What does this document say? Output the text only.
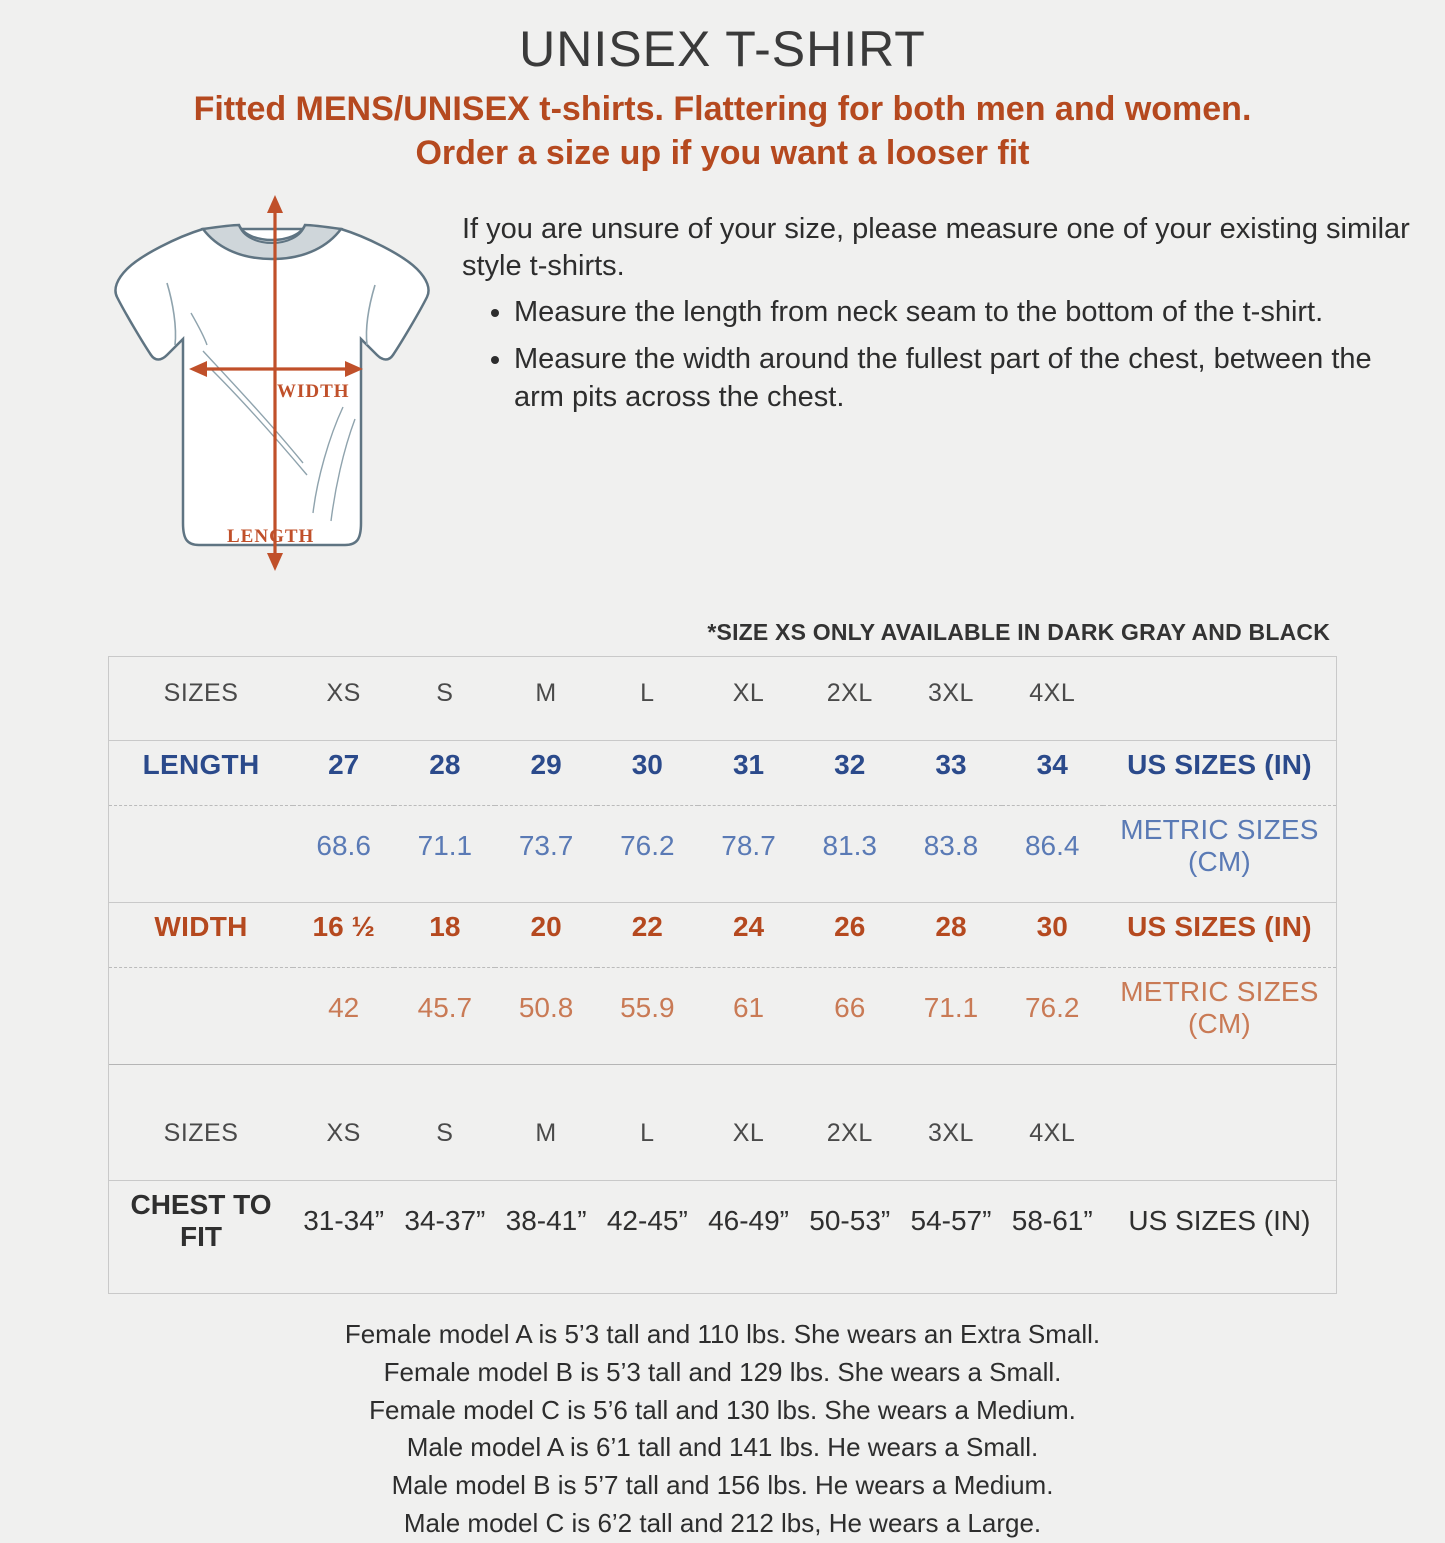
UNISEX T-SHIRT
Fitted MENS/UNISEX t-shirts. Flattering for both men and women.
Order a size up if you want a looser fit
WIDTH
LENGTH
If you are unsure of your size, please measure one of your existing similar style t-shirts.
• Measure the length from neck seam to the bottom of the t-shirt.
• Measure the width around the fullest part of the chest, between the arm pits across the chest.
*SIZE XS ONLY AVAILABLE IN DARK GRAY AND BLACK
SIZES	XS	S	M	L	XL	2XL	3XL	4XL	

LENGTH	27	28	29	30	31	32	33	34	US SIZES (IN)

	68.6	71.1	73.7	76.2	78.7	81.3	83.8	86.4	METRIC SIZES (CM)

WIDTH	16 ½	18	20	22	24	26	28	30	US SIZES (IN)

	42	45.7	50.8	55.9	61	66	71.1	76.2	METRIC SIZES (CM)

SIZES	XS	S	M	L	XL	2XL	3XL	4XL	

CHEST TO FIT	31-34”	34-37”	38-41”	42-45”	46-49”	50-53”	54-57”	58-61”	US SIZES (IN)

Female model A is 5’3 tall and 110 lbs. She wears an Extra Small.
Female model B is 5’3 tall and 129 lbs. She wears a Small.
Female model C is 5’6 tall and 130 lbs. She wears a Medium.
Male model A is 6’1 tall and 141 lbs. He wears a Small.
Male model B is 5’7 tall and 156 lbs. He wears a Medium.
Male model C is 6’2 tall and 212 lbs, He wears a Large.
